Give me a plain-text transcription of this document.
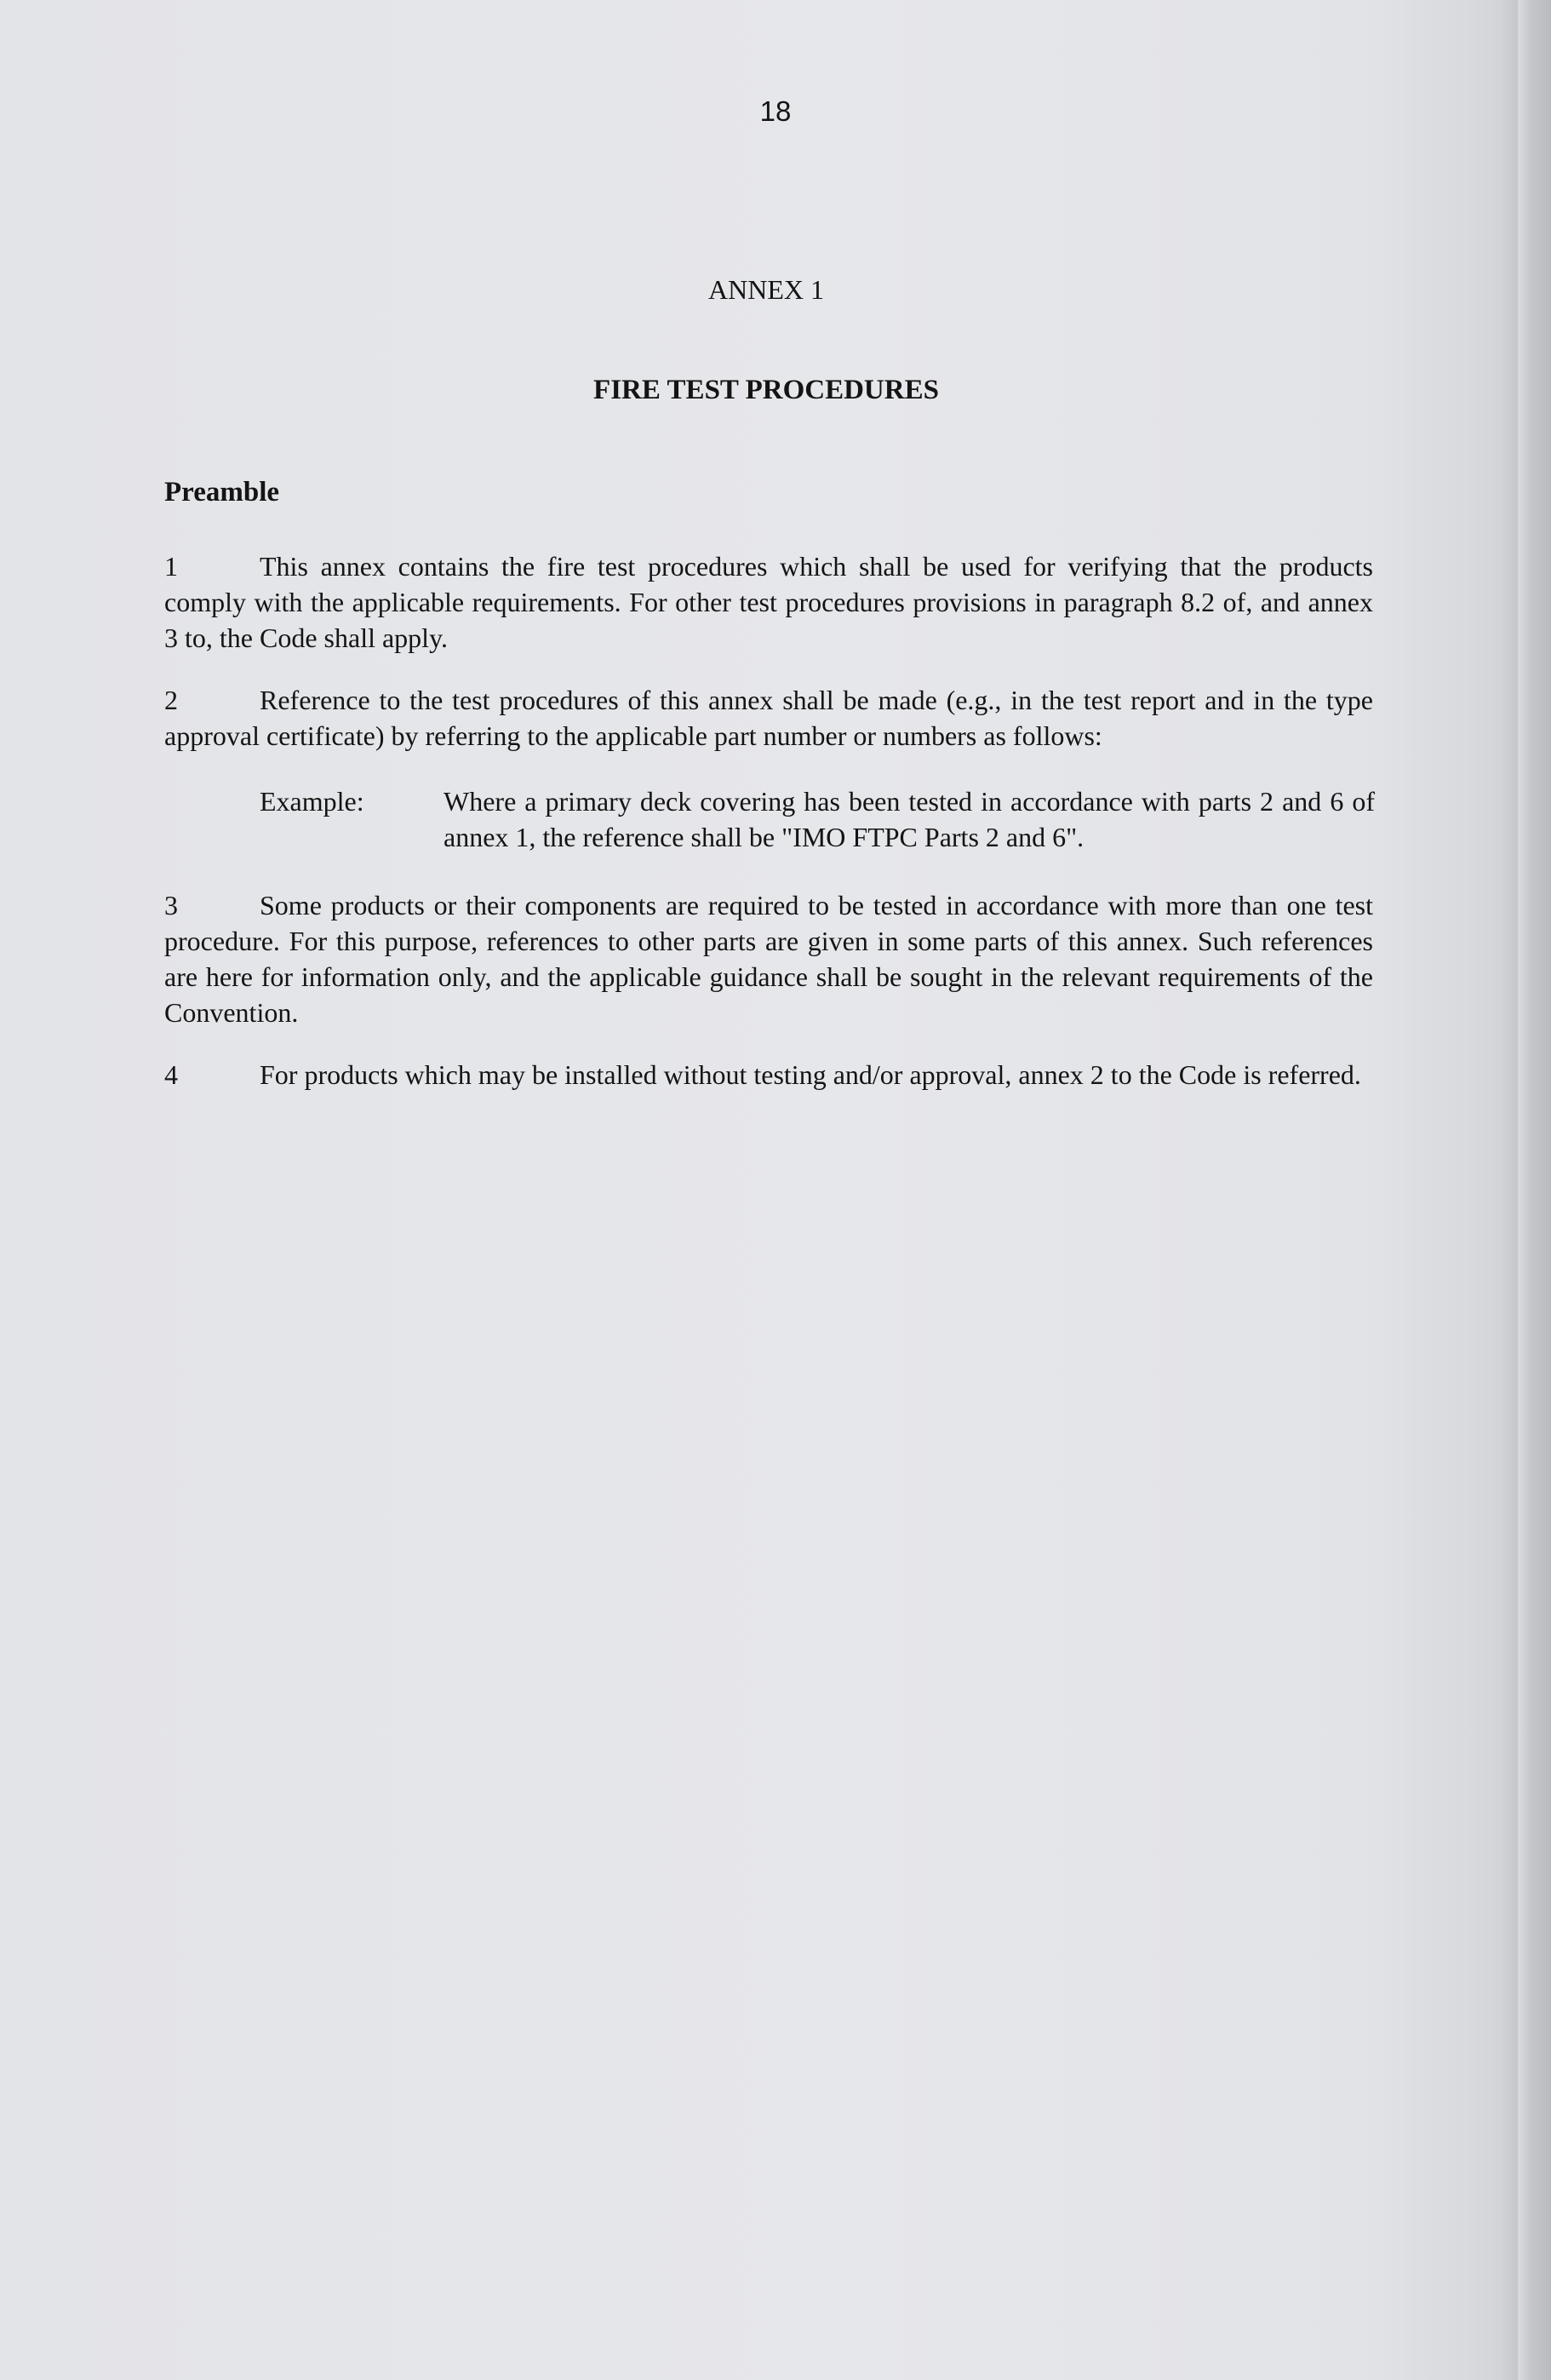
18
ANNEX 1
FIRE TEST PROCEDURES
Preamble

1	This annex contains the fire test procedures which shall be used for verifying that the products comply with the applicable requirements. For other test procedures provisions in paragraph 8.2 of, and annex 3 to, the Code shall apply.

2	Reference to the test procedures of this annex shall be made (e.g., in the test report and in the type approval certificate) by referring to the applicable part number or numbers as follows:

Example:	Where a primary deck covering has been tested in accordance with parts 2 and 6 of annex 1, the reference shall be "IMO FTPC Parts 2 and 6".

3	Some products or their components are required to be tested in accordance with more than one test procedure. For this purpose, references to other parts are given in some parts of this annex. Such references are here for information only, and the applicable guidance shall be sought in the relevant requirements of the Convention.

4	For products which may be installed without testing and/or approval, annex 2 to the Code is referred.
